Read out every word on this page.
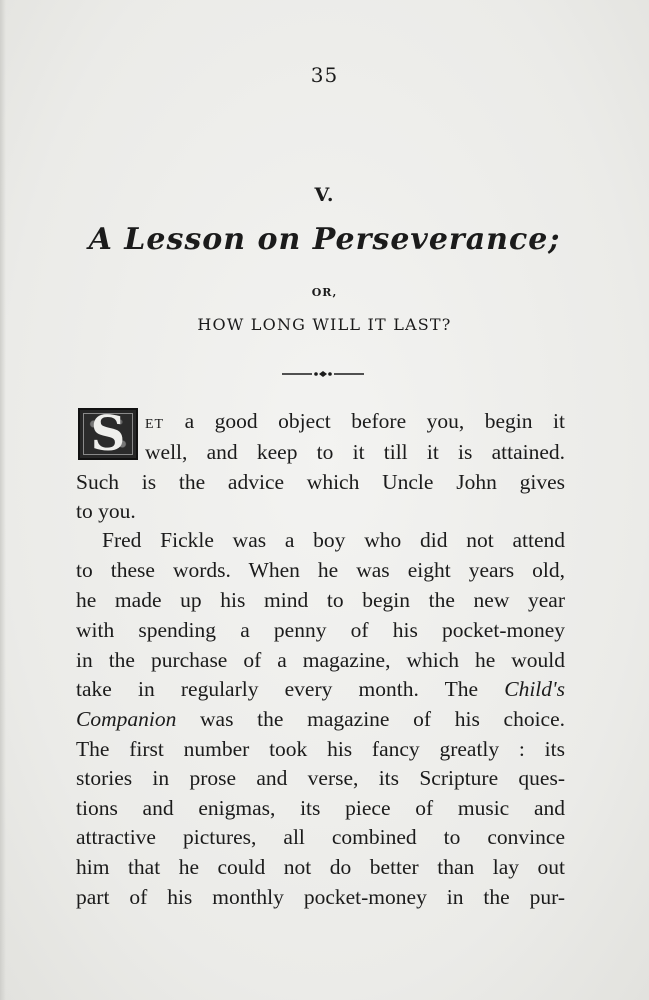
35
V.
A Lesson on Perseverance;
OR,
HOW LONG WILL IT LAST?
S	ET a good object before you, begin it
well, and keep to it till it is attained.
Such is the advice which Uncle John gives
to you.
Fred Fickle was a boy who did not attend
to these words. When he was eight years old,
he made up his mind to begin the new year
with spending a penny of his pocket-money
in the purchase of a magazine, which he would
take in regularly every month. The Child's
Companion was the magazine of his choice.
The first number took his fancy greatly : its
stories in prose and verse, its Scripture ques-
tions and enigmas, its piece of music and
attractive pictures, all combined to convince
him that he could not do better than lay out
part of his monthly pocket-money in the pur-
